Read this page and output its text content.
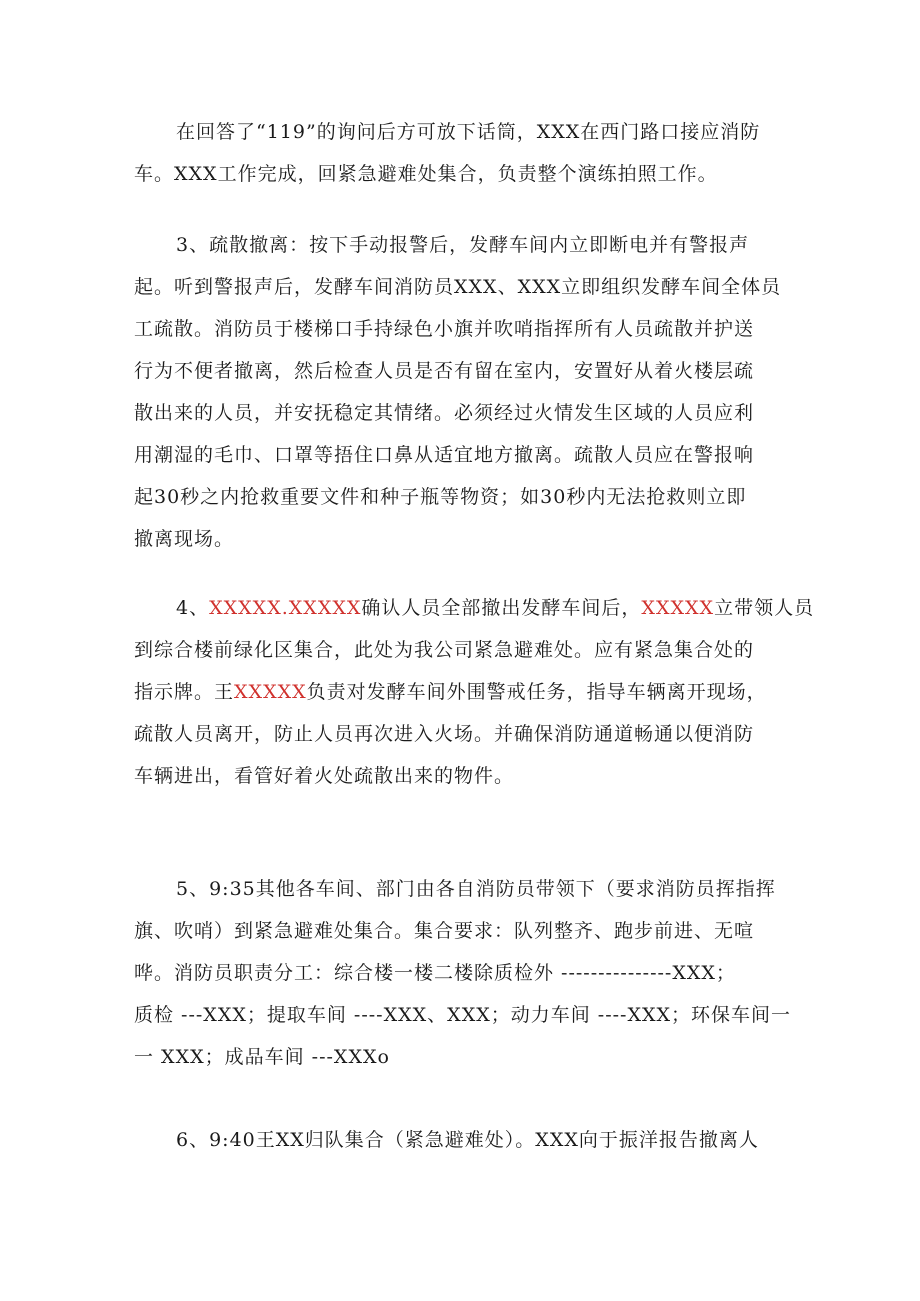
在回答了“119”的询问后方可放下话筒，XXX在西门路口接应消防
车。XXX工作完成，回紧急避难处集合，负责整个演练拍照工作。
3、疏散撤离：按下手动报警后，发酵车间内立即断电并有警报声
起。听到警报声后，发酵车间消防员XXX、XXX立即组织发酵车间全体员
工疏散。消防员于楼梯口手持绿色小旗并吹哨指挥所有人员疏散并护送
行为不便者撤离，然后检查人员是否有留在室内，安置好从着火楼层疏
散出来的人员，并安抚稳定其情绪。必须经过火情发生区域的人员应利
用潮湿的毛巾、口罩等捂住口鼻从适宜地方撤离。疏散人员应在警报响
起30秒之内抢救重要文件和种子瓶等物资；如30秒内无法抢救则立即
撤离现场。
4、XXXXX.XXXXX确认人员全部撤出发酵车间后，XXXXX立带领人员
到综合楼前绿化区集合，此处为我公司紧急避难处。应有紧急集合处的
指示牌。王XXXXX负责对发酵车间外围警戒任务，指导车辆离开现场，
疏散人员离开，防止人员再次进入火场。并确保消防通道畅通以便消防
车辆进出，看管好着火处疏散出来的物件。
5、9:35其他各车间、部门由各自消防员带领下（要求消防员挥指挥
旗、吹哨）到紧急避难处集合。集合要求：队列整齐、跑步前进、无喧
哗。消防员职责分工：综合楼一楼二楼除质检外 ---------------XXX；
质检 ---XXX；提取车间 ----XXX、XXX；动力车间 ----XXX；环保车间一
一 XXX；成品车间 ---XXXo
6、9:40王XX归队集合（紧急避难处）。XXX向于振洋报告撤离人
